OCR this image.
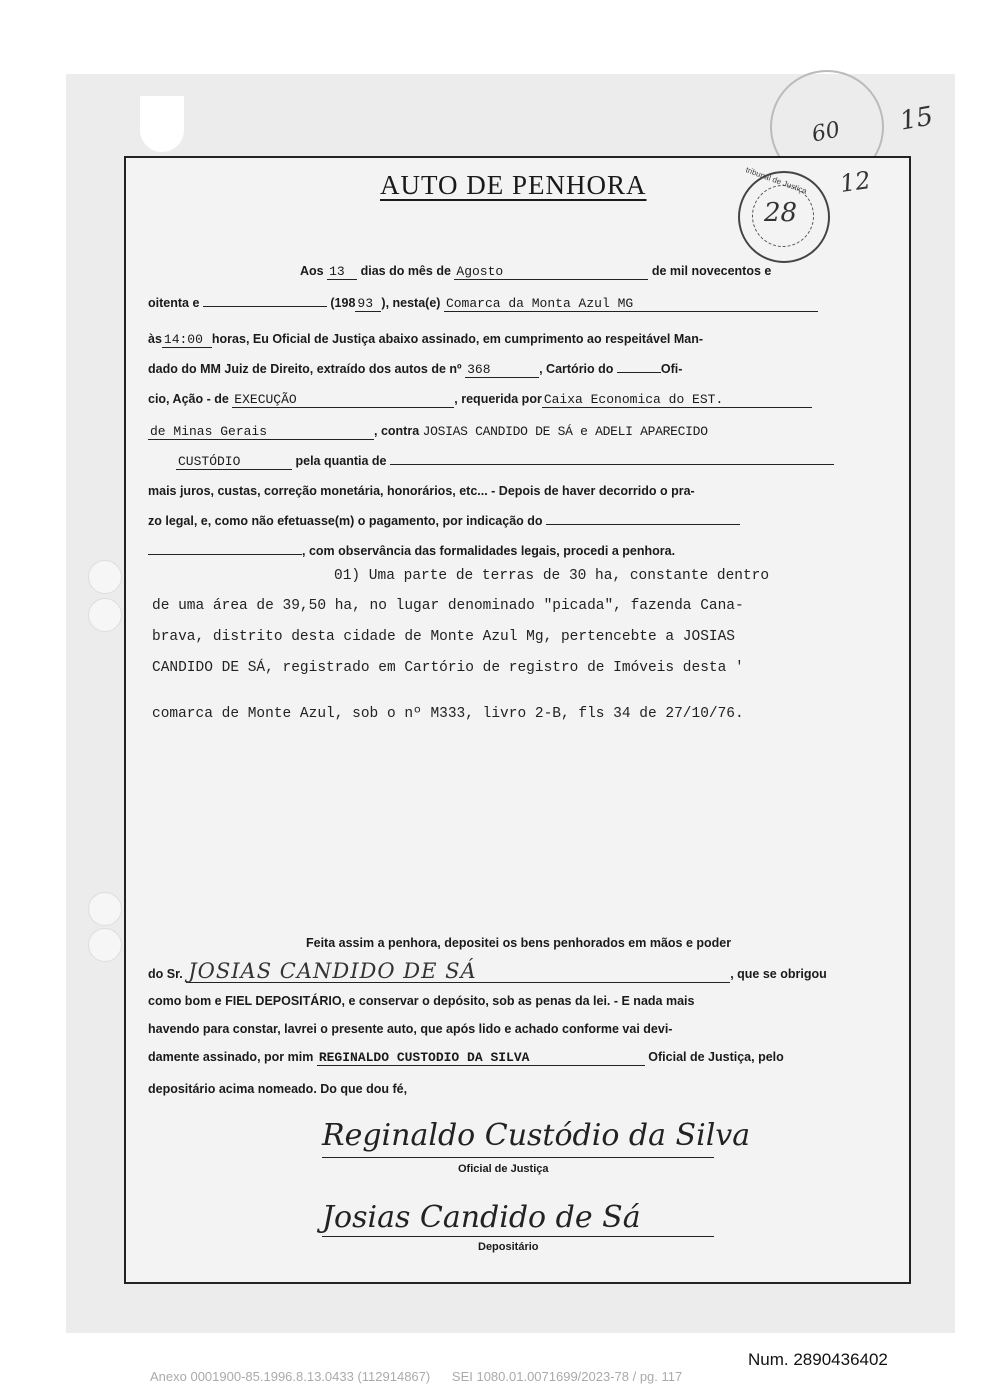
AUTO DE PENHORA	tribunal de Justiça
28
60 15
12
Aos 13 dias do mês de Agosto	de mil novecentos e
oitenta e	(198 93 ), nesta(e) Comarca da Monta Azul MG
às 14:00 horas, Eu Oficial de Justiça abaixo assinado, em cumprimento ao respeitável Man-
dado do MM Juiz de Direito, extraído dos autos de nº 368	, Cartório do	Ofi-
cio, Ação - de EXECUÇÃO	, requerida por Caixa Economica do EST.
de Minas Gerais	, contra JOSIAS CANDIDO DE SÁ e ADELI APARECIDO
CUSTÓDIO	pela quantia de
mais juros, custas, correção monetária, honorários, etc... - Depois de haver decorrido o pra-
zo legal, e, como não efetuasse(m) o pagamento, por indicação do
, com observância das formalidades legais, procedi a penhora.
01) Uma parte de terras de 30 ha, constante dentro
de uma área de 39,50 ha, no lugar denominado "picada", fazenda Cana-
brava, distrito desta cidade de Monte Azul Mg, pertencebte a JOSIAS
CANDIDO DE SÁ, registrado em Cartório de registro de Imóveis desta '
comarca de Monte Azul, sob o nº M333, livro 2-B, fls 34 de 27/10/76.
Feita assim a penhora, depositei os bens penhorados em mãos e poder
do Sr. JOSIAS CANDIDO DE SÁ	, que se obrigou
como bom e FIEL DEPOSITÁRIO, e conservar o depósito, sob as penas da lei. - E nada mais
havendo para constar, lavrei o presente auto, que após lido e achado conforme vai devi-
damente assinado, por mim REGINALDO CUSTODIO DA SILVA	Oficial de Justiça, pelo
depositário acima nomeado. Do que dou fé,
Reginaldo Custódio da Silva
Oficial de Justiça
Josias Candido de Sá
Depositário
Num. 2890436402
Anexo 0001900-85.1996.8.13.0433 (112914867)      SEI 1080.01.0071699/2023-78 / pg. 117
